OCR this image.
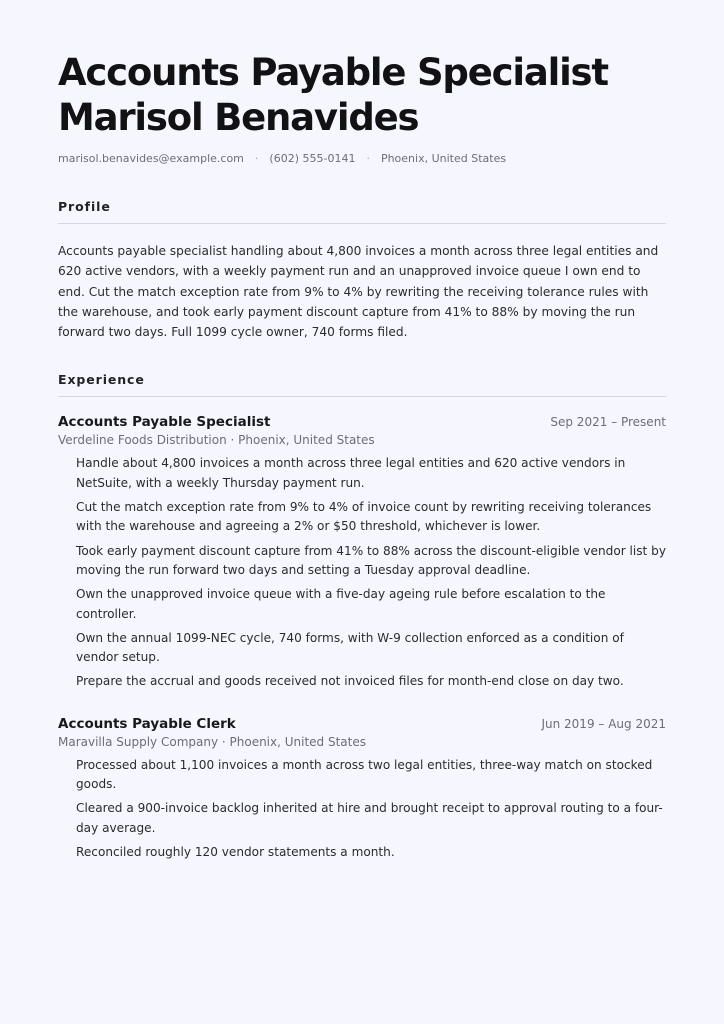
Accounts Payable Specialist
Marisol Benavides
marisol.benavides@example.com · (602) 555-0141 · Phoenix, United States
Profile

Accounts payable specialist handling about 4,800 invoices a month across three legal entities and 620 active vendors, with a weekly payment run and an unapproved invoice queue I own end to end. Cut the match exception rate from 9% to 4% by rewriting the receiving tolerance rules with the warehouse, and took early payment discount capture from 41% to 88% by moving the run forward two days. Full 1099 cycle owner, 740 forms filed.

Experience
Accounts Payable Specialist	Sep 2021 – Present
Verdeline Foods Distribution · Phoenix, United States
Handle about 4,800 invoices a month across three legal entities and 620 active vendors in NetSuite, with a weekly Thursday payment run.
Cut the match exception rate from 9% to 4% of invoice count by rewriting receiving tolerances with the warehouse and agreeing a 2% or $50 threshold, whichever is lower.
Took early payment discount capture from 41% to 88% across the discount-eligible vendor list by moving the run forward two days and setting a Tuesday approval deadline.
Own the unapproved invoice queue with a five-day ageing rule before escalation to the controller.
Own the annual 1099-NEC cycle, 740 forms, with W-9 collection enforced as a condition of vendor setup.
Prepare the accrual and goods received not invoiced files for month-end close on day two.
Accounts Payable Clerk	Jun 2019 – Aug 2021
Maravilla Supply Company · Phoenix, United States
Processed about 1,100 invoices a month across two legal entities, three-way match on stocked goods.
Cleared a 900-invoice backlog inherited at hire and brought receipt to approval routing to a four-day average.
Reconciled roughly 120 vendor statements a month.
